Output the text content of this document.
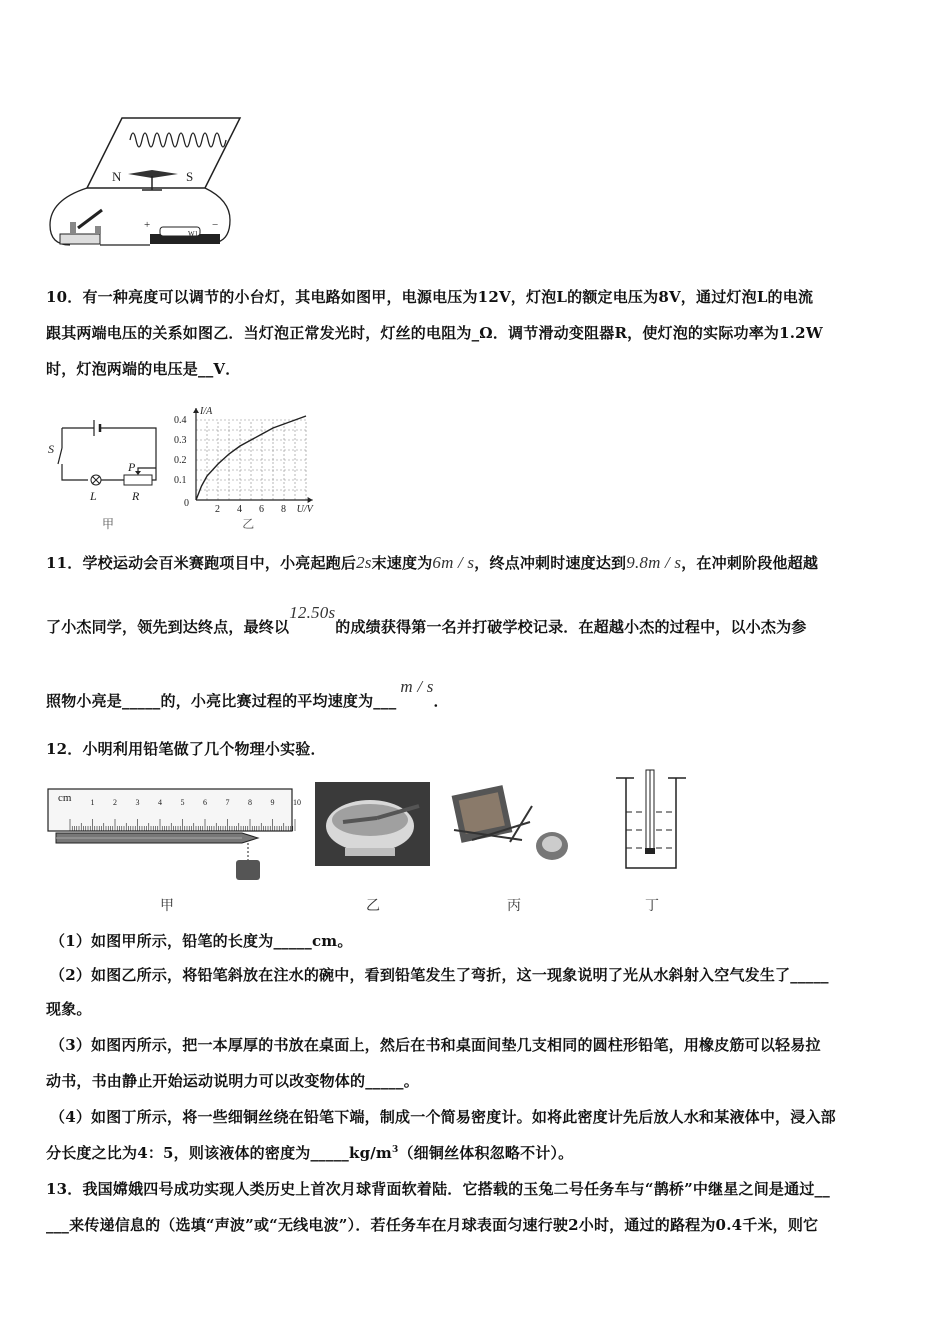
N	S
W1
+	−
10．有一种亮度可以调节的小台灯，其电路如图甲，电源电压为12V，灯泡L的额定电压为8V，通过灯泡L的电流
跟其两端电压的关系如图乙．当灯泡正常发光时，灯丝的电阻为_Ω．调节滑动变阻器R，使灯泡的实际功率为1.2W
时，灯泡两端的电压是__V．
S
P
L	R
甲
2 4 6 8
0.1
0.2
0.3
0.4
0
U/V
I/A
乙
11．学校运动会百米赛跑项目中，小亮起跑后2s末速度为6m / s，终点冲刺时速度达到9.8m / s，在冲刺阶段他超越
了小杰同学，领先到达终点，最终以12.50s的成绩获得第一名并打破学校记录．在超越小杰的过程中，以小杰为参
照物小亮是_____的，小亮比赛过程的平均速度为___m / s．
12．小明利用铅笔做了几个物理小实验．
cm 1 2 3 4 5 6 7 8 9 10
甲	乙	丙	丁
（1）如图甲所示，铅笔的长度为_____cm。
（2）如图乙所示，将铅笔斜放在注水的碗中，看到铅笔发生了弯折，这一现象说明了光从水斜射入空气发生了_____
现象。
（3）如图丙所示，把一本厚厚的书放在桌面上，然后在书和桌面间垫几支相同的圆柱形铅笔，用橡皮筋可以轻易拉
动书，书由静止开始运动说明力可以改变物体的_____。
（4）如图丁所示，将一些细铜丝绕在铅笔下端，制成一个简易密度计。如将此密度计先后放人水和某液体中，浸入部
分长度之比为4：5，则该液体的密度为$\_\_\_\_\_kg/m^3$（细铜丝体积忽略不计）。
13．我国嫦娥四号成功实现人类历史上首次月球背面软着陆．它搭载的玉兔二号任务车与“鹊桥”中继星之间是通过__
___来传递信息的（选填“声波”或“无线电波”）．若任务车在月球表面匀速行驶2小时，通过的路程为0.4千米，则它
